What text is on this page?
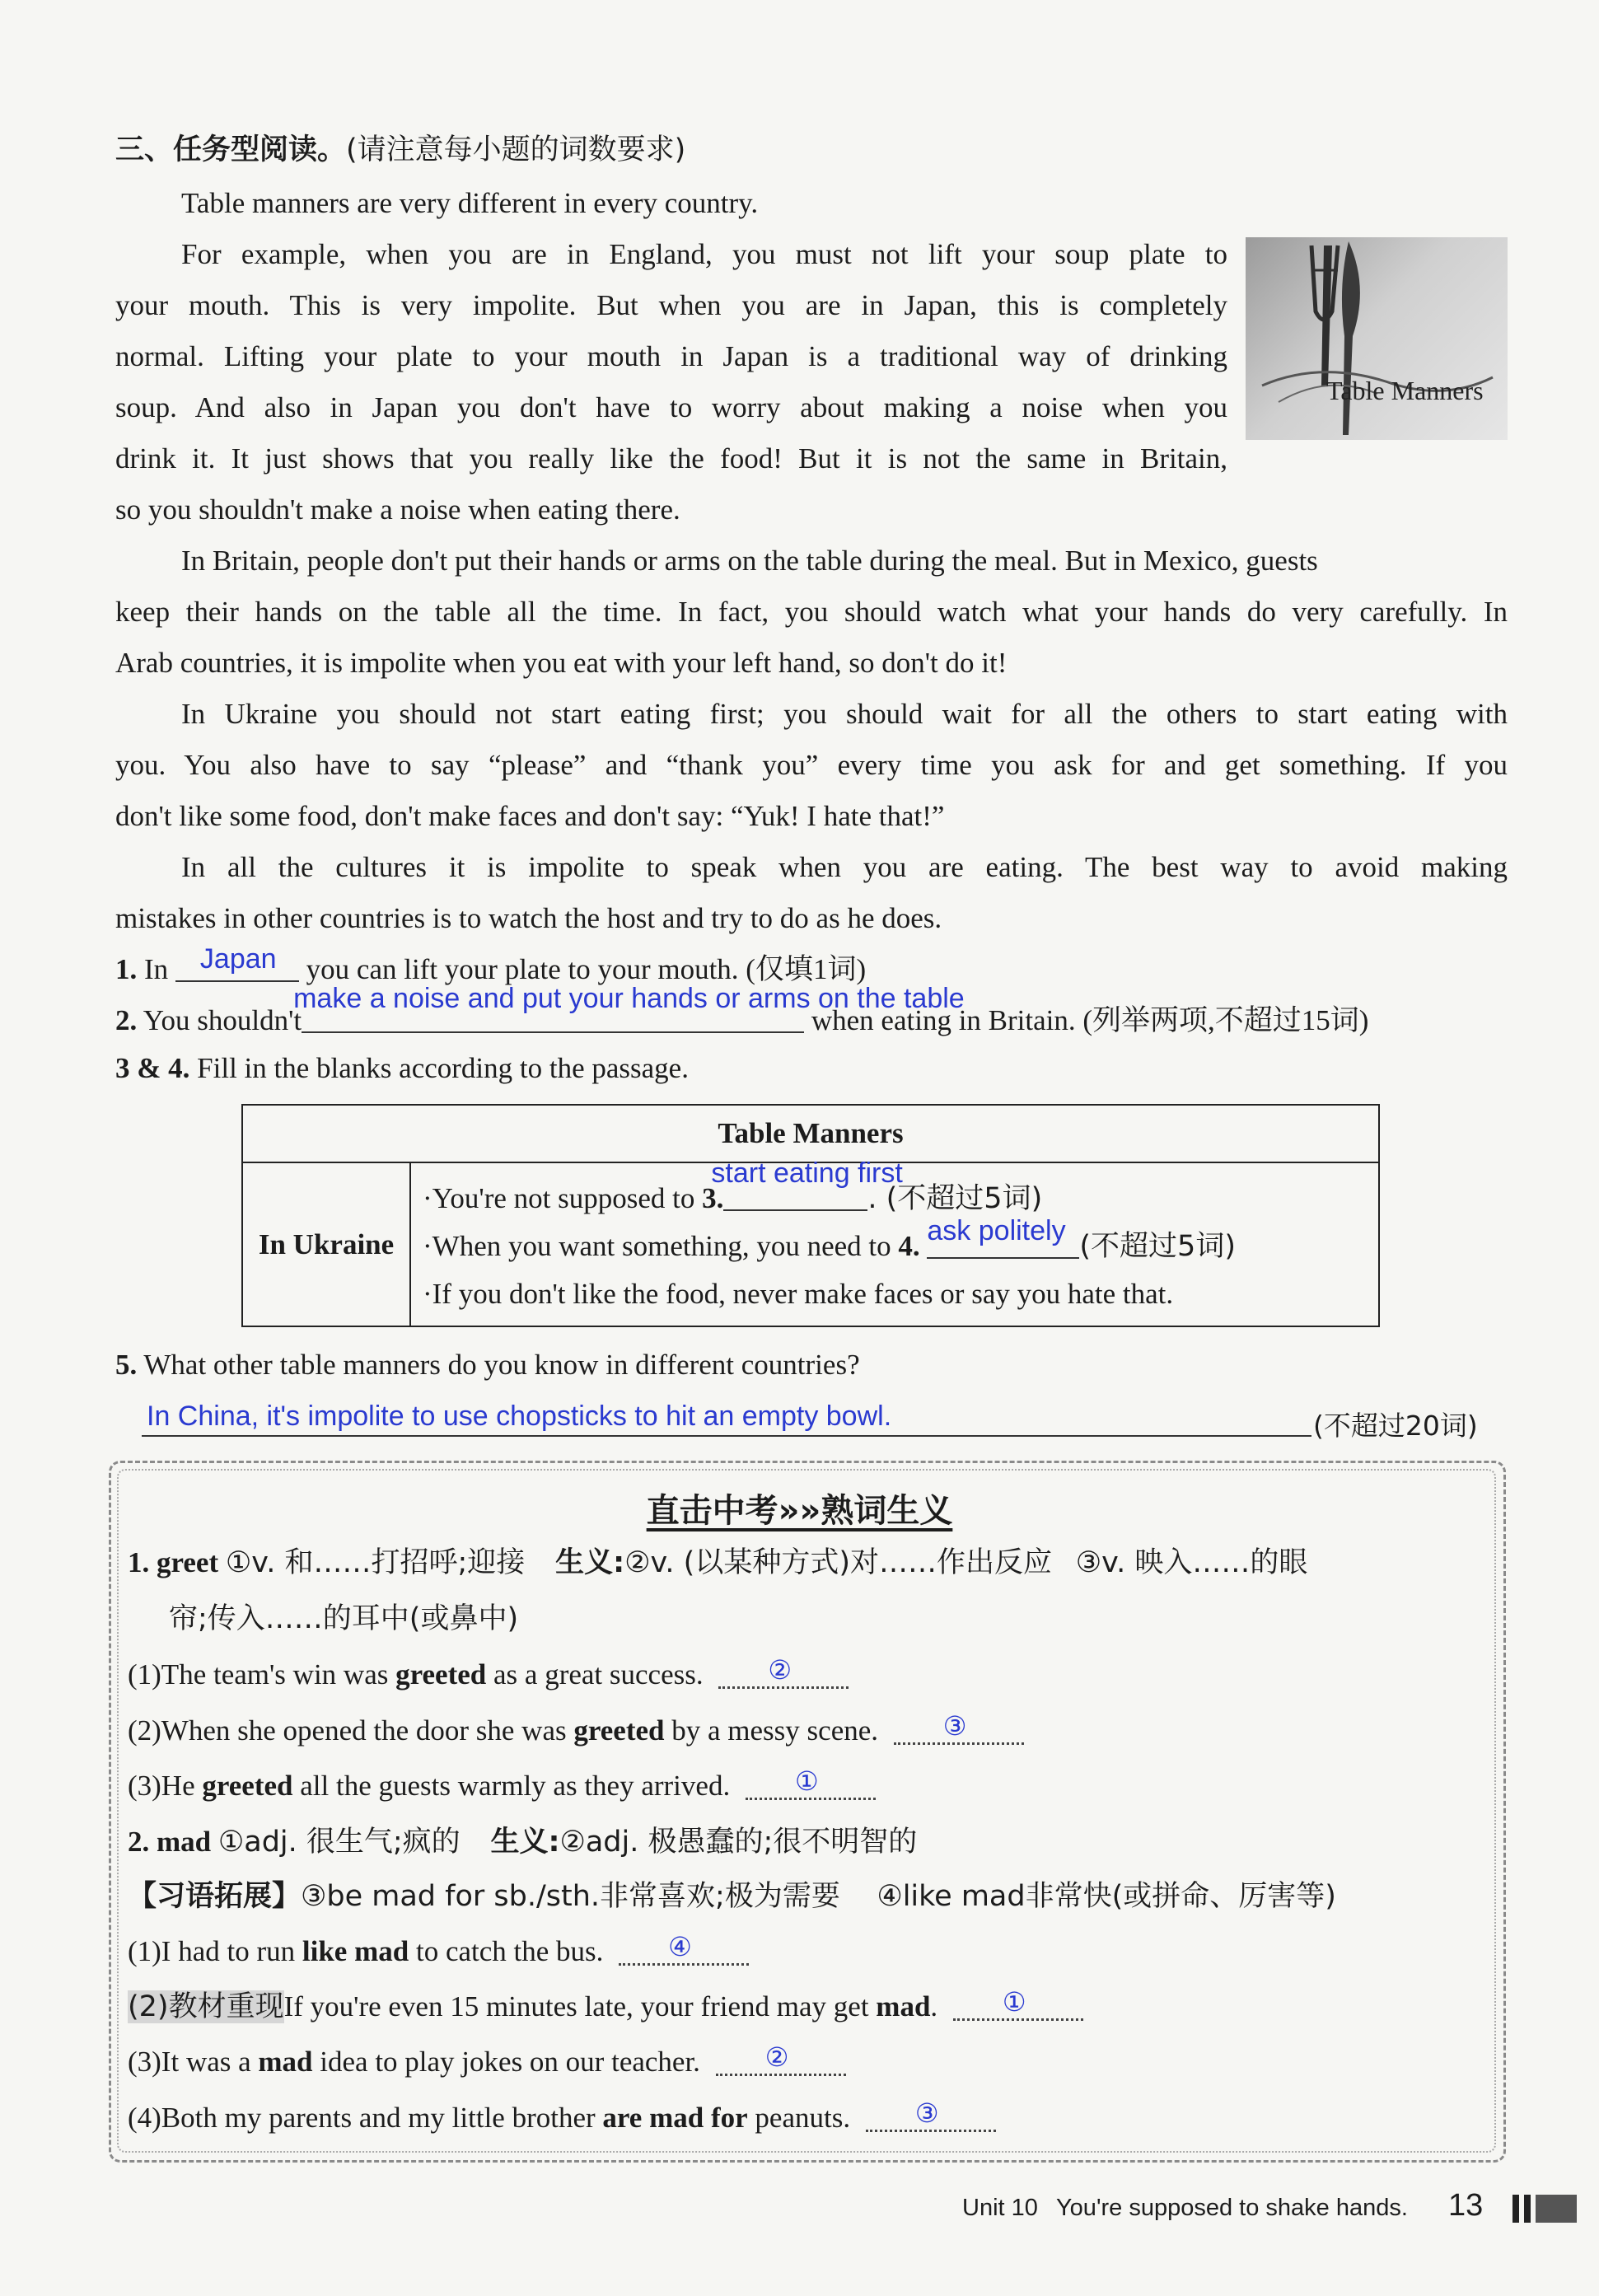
三、任务型阅读。(请注意每小题的词数要求)
Table manners are very different in every country.
For example, when you are in England, you must not lift your soup plate to
your mouth. This is very impolite. But when you are in Japan, this is completely
normal. Lifting your plate to your mouth in Japan is a traditional way of drinking
soup. And also in Japan you don't have to worry about making a noise when you
drink it. It just shows that you really like the food! But it is not the same in Britain,
so you shouldn't make a noise when eating there.
Table Manners
In Britain, people don't put their hands or arms on the table during the meal. But in Mexico, guests
keep their hands on the table all the time. In fact, you should watch what your hands do very carefully. In
Arab countries, it is impolite when you eat with your left hand, so don't do it!
In Ukraine you should not start eating first; you should wait for all the others to start eating with
you. You also have to say “please” and “thank you” every time you ask for and get something. If you
don't like some food, don't make faces and don't say: “Yuk! I hate that!”
In all the cultures it is impolite to speak when you are eating. The best way to avoid making
mistakes in other countries is to watch the host and try to do as he does.
1. In Japan you can lift your plate to your mouth. (仅填1词)
2. You shouldn't
make a noise and put your hands or arms on the table
when eating in Britain. (列举两项,不超过15词)
3 & 4. Fill in the blanks according to the passage.
Table Manners
In Ukraine	
·You're not supposed to 3.
start eating first
. (不超过5词)
·When you want something, you need to 4. ask politely (不超过5词)
·If you don't like the food, never make faces or say you hate that.
5. What other table manners do you know in different countries?
In China, it's impolite to use chopsticks to hit an empty bowl.	(不超过20词)
直击中考»»熟词生义
1. greet ①v. 和……打招呼;迎接 生义:②v. (以某种方式)对……作出反应 ③v. 映入……的眼
帘;传入……的耳中(或鼻中)
(1)The team's win was greeted as a great success. ②
(2)When she opened the door she was greeted by a messy scene. ③
(3)He greeted all the guests warmly as they arrived. ①
2. mad ①adj. 很生气;疯的 生义:②adj. 极愚蠢的;很不明智的
【习语拓展】③be mad for sb./sth.非常喜欢;极为需要    ④like mad非常快(或拼命、厉害等)
(1)I had to run like mad to catch the bus. ④
(2)教材重现If you're even 15 minutes late, your friend may get mad. ①
(3)It was a mad idea to play jokes on our teacher. ②
(4)Both my parents and my little brother are mad for peanuts. ③
Unit 10 You're supposed to shake hands. 13
